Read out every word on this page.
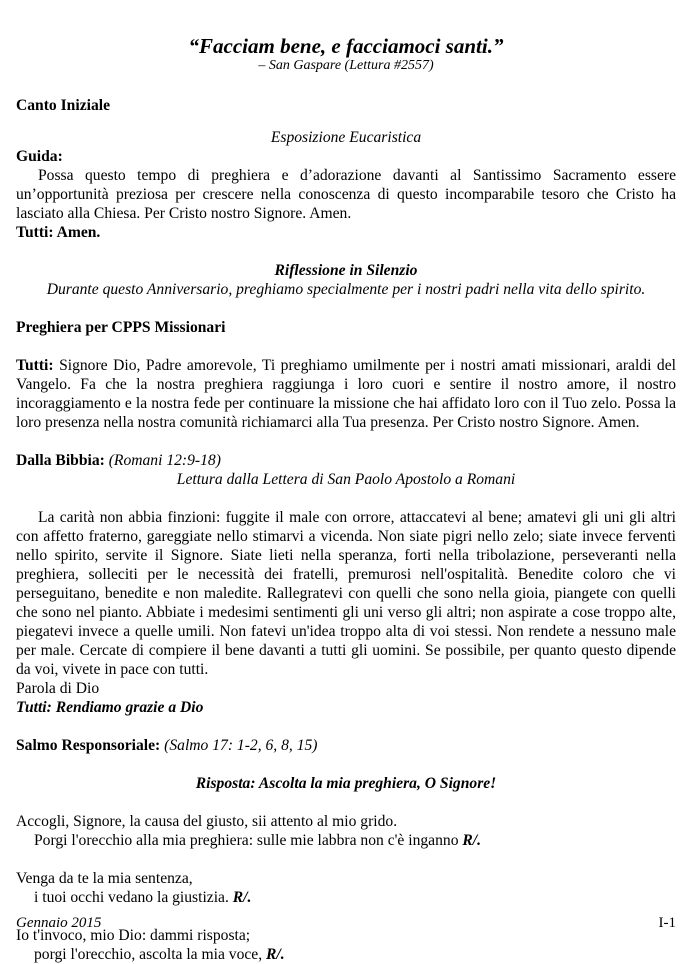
“Facciam bene, e facciamoci santi.”

– San Gaspare (Lettura #2557)

Canto Iniziale

Esposizione Eucaristica

Guida:

Possa questo tempo di preghiera e d’adorazione davanti al Santissimo Sacramento essere un’opportunità preziosa per crescere nella conoscenza di questo incomparabile tesoro che Cristo ha lasciato alla Chiesa. Per Cristo nostro Signore. Amen.

Tutti: Amen.

Riflessione in Silenzio

Durante questo Anniversario, preghiamo specialmente per i nostri padri nella vita dello spirito.

Preghiera per CPPS Missionari

Tutti: Signore Dio, Padre amorevole, Ti preghiamo umilmente per i nostri amati missionari, araldi del Vangelo. Fa che la nostra preghiera raggiunga i loro cuori e sentire il nostro amore, il nostro incoraggiamento e la nostra fede per continuare la missione che hai affidato loro con il Tuo zelo. Possa la loro presenza nella nostra comunità richiamarci alla Tua presenza. Per Cristo nostro Signore. Amen.

Dalla Bibbia: (Romani 12:9-18)

Lettura dalla Lettera di San Paolo Apostolo a Romani

La carità non abbia finzioni: fuggite il male con orrore, attaccatevi al bene; amatevi gli uni gli altri con affetto fraterno, gareggiate nello stimarvi a vicenda. Non siate pigri nello zelo; siate invece ferventi nello spirito, servite il Signore. Siate lieti nella speranza, forti nella tribolazione, perseveranti nella preghiera, solleciti per le necessità dei fratelli, premurosi nell'ospitalità. Benedite coloro che vi perseguitano, benedite e non maledite. Rallegratevi con quelli che sono nella gioia, piangete con quelli che sono nel pianto. Abbiate i medesimi sentimenti gli uni verso gli altri; non aspirate a cose troppo alte, piegatevi invece a quelle umili. Non fatevi un'idea troppo alta di voi stessi. Non rendete a nessuno male per male. Cercate di compiere il bene davanti a tutti gli uomini. Se possibile, per quanto questo dipende da voi, vivete in pace con tutti.

Parola di Dio

Tutti: Rendiamo grazie a Dio

Salmo Responsoriale: (Salmo 17: 1-2, 6, 8, 15)

Risposta: Ascolta la mia preghiera, O Signore!

Accogli, Signore, la causa del giusto, sii attento al mio grido.

Porgi l'orecchio alla mia preghiera: sulle mie labbra non c'è inganno R/.

Venga da te la mia sentenza,

i tuoi occhi vedano la giustizia. R/.

Io t'invoco, mio Dio: dammi risposta;

porgi l'orecchio, ascolta la mia voce, R/.

Gennaio 2015	I-1
